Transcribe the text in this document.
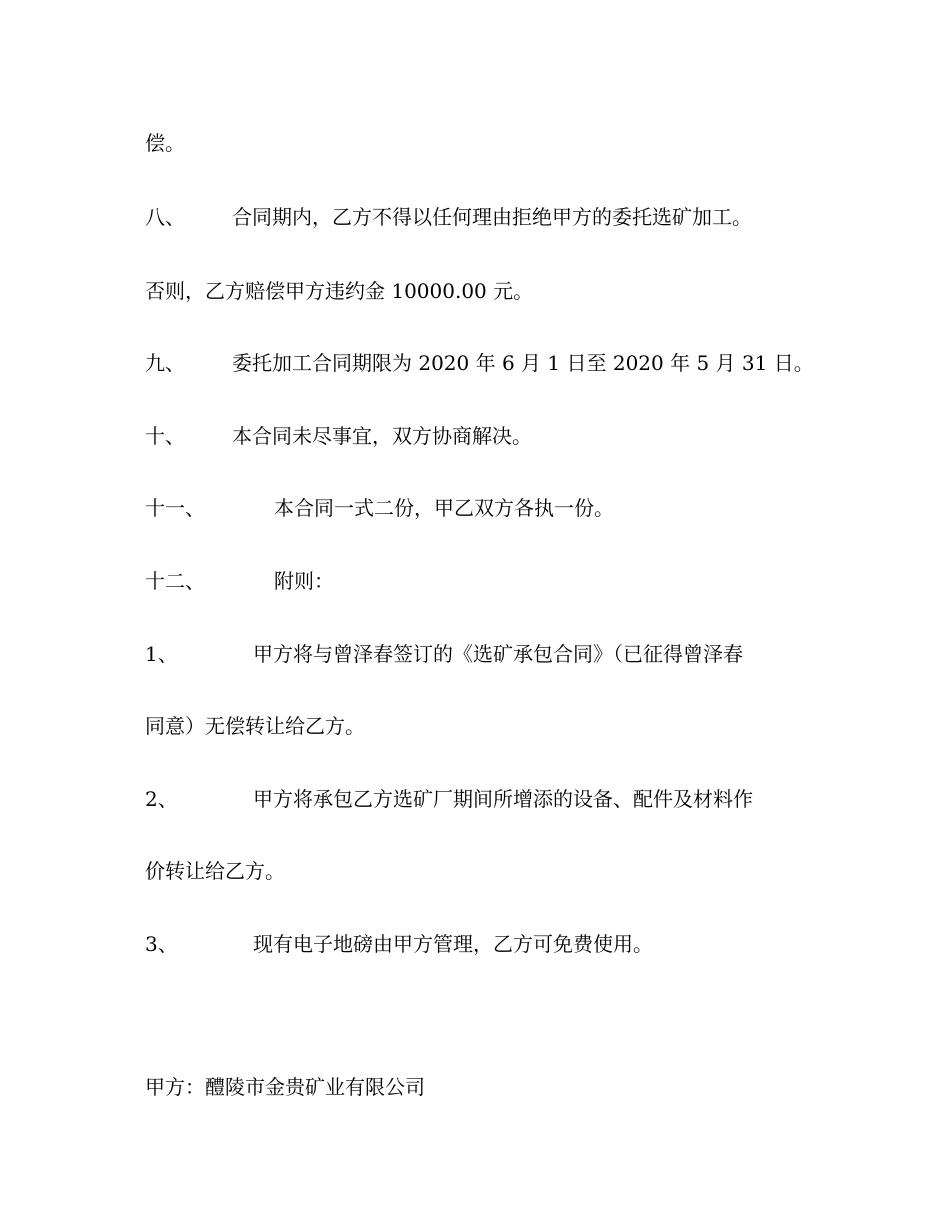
偿。
八、 合同期内，乙方不得以任何理由拒绝甲方的委托选矿加工。
否则，乙方赔偿甲方违约金 10000.00 元。
九、 委托加工合同期限为 2020 年 6 月 1 日至 2020 年 5 月 31 日。
十、 本合同未尽事宜，双方协商解决。
十一、	本合同一式二份，甲乙双方各执一份。
十二、	附则：
1、	甲方将与曾泽春签订的《选矿承包合同》（已征得曾泽春
同意）无偿转让给乙方。
2、	甲方将承包乙方选矿厂期间所增添的设备、配件及材料作
价转让给乙方。
3、	现有电子地磅由甲方管理，乙方可免费使用。
甲方：醴陵市金贵矿业有限公司
